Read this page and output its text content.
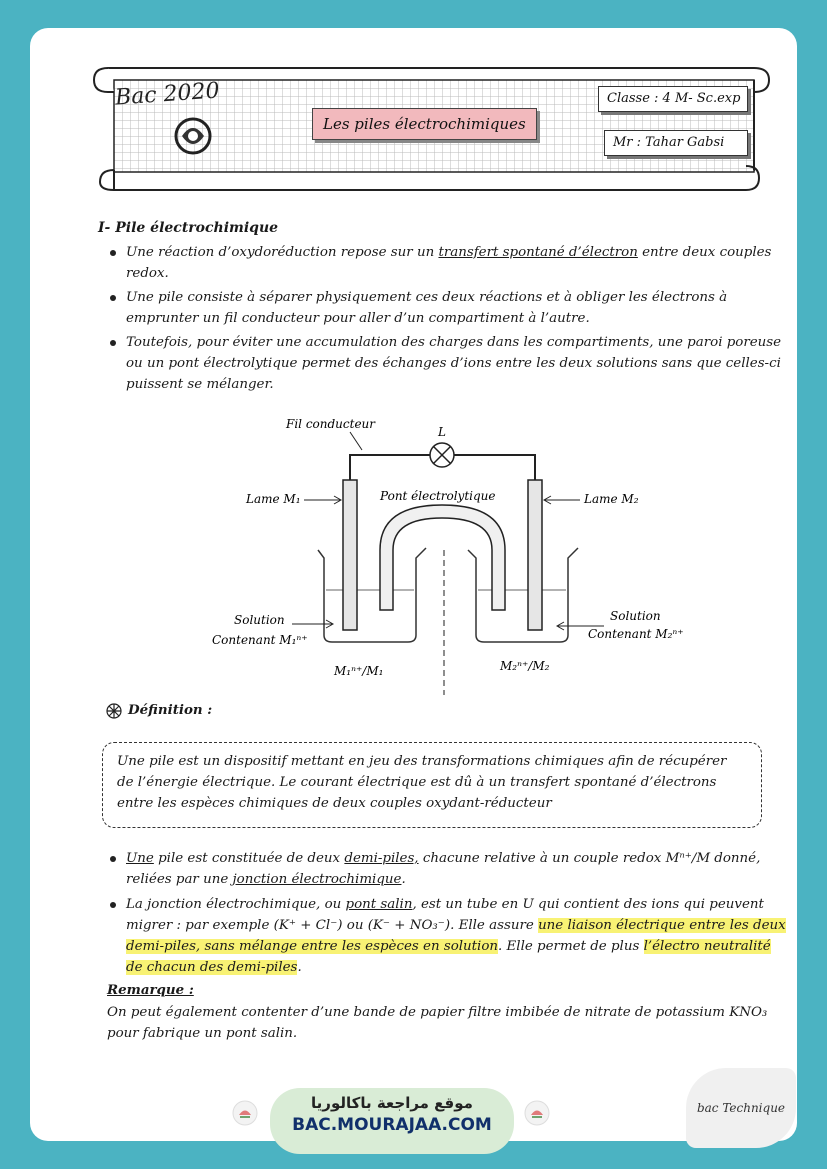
Bac 2020
Les piles électrochimiques
Classe : 4 M- Sc.exp
Mr : Tahar Gabsi
I- Pile électrochimique
Une réaction d’oxydoréduction repose sur un transfert spontané d’électron entre deux couples redox.
Une pile consiste à séparer physiquement ces deux réactions et à obliger les électrons à emprunter un fil conducteur pour aller d’un compartiment à l’autre.
Toutefois, pour éviter une accumulation des charges dans les compartiments, une paroi poreuse ou un pont électrolytique permet des échanges d’ions entre les deux solutions sans que celles-ci puissent se mélanger.
L
Fil conducteur
Pont électrolytique
Lame M₁	Lame M₂
Solution
Contenant M₁ⁿ⁺
Solution
Contenant M₂ⁿ⁺
M₁ⁿ⁺/M₁	M₂ⁿ⁺/M₂
Définition :
Une pile est un dispositif mettant en jeu des transformations chimiques afin de récupérer de l’énergie électrique. Le courant électrique est dû à un transfert spontané d’électrons entre les espèces chimiques de deux couples oxydant-réducteur
Une pile est constituée de deux demi-piles, chacune relative à un couple redox Mⁿ⁺/M donné, reliées par une jonction électrochimique.
La jonction électrochimique, ou pont salin, est un tube en U qui contient des ions qui peuvent migrer : par exemple (K⁺ + Cl⁻) ou (K⁻ + NO₃⁻). Elle assure une liaison électrique entre les deux demi-piles, sans mélange entre les espèces en solution. Elle permet de plus l’électro neutralité de chacun des demi-piles.
Remarque :
On peut également contenter d’une bande de papier filtre imbibée de nitrate de potassium KNO₃ pour fabrique un pont salin.
موقع مراجعة باكالوريا
BAC.MOURAJAA.COM
bac Technique
